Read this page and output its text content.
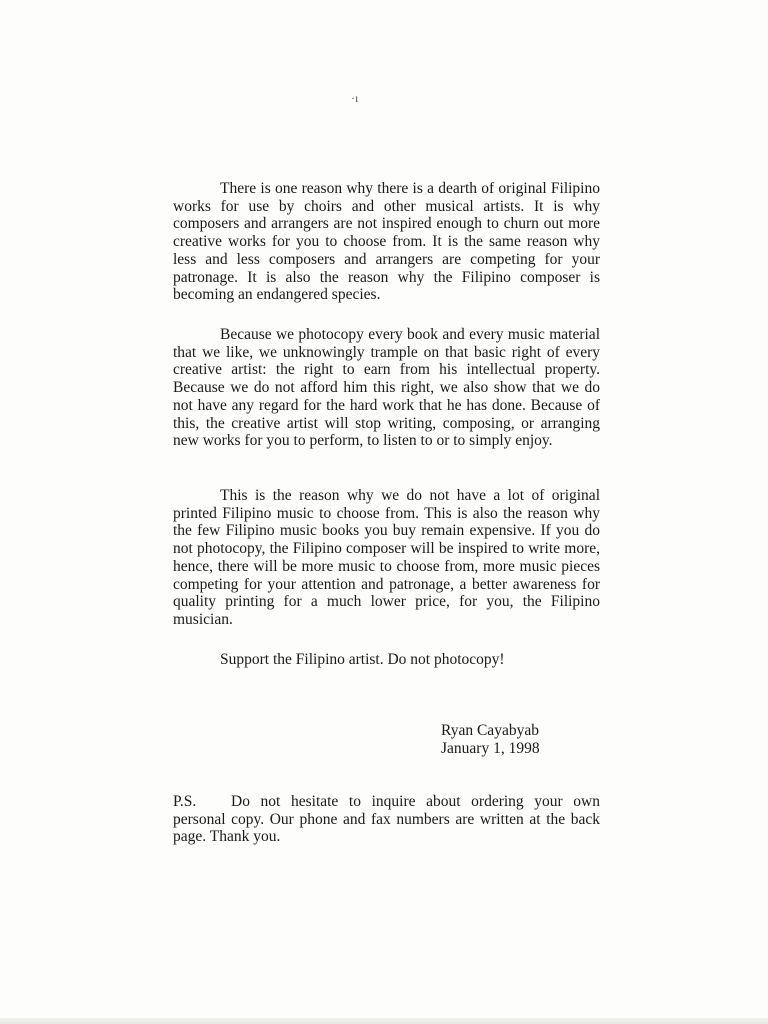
·ı

There is one reason why there is a dearth of original Filipino works for use by choirs and other musical artists. It is why composers and arrangers are not inspired enough to churn out more creative works for you to choose from. It is the same reason why less and less composers and arrangers are competing for your patronage. It is also the reason why the Filipino composer is becoming an endangered species.

Because we photocopy every book and every music material that we like, we unknowingly trample on that basic right of every creative artist: the right to earn from his intellectual property. Because we do not afford him this right, we also show that we do not have any regard for the hard work that he has done. Because of this, the creative artist will stop writing, composing, or arranging new works for you to perform, to listen to or to simply enjoy.

This is the reason why we do not have a lot of original printed Filipino music to choose from. This is also the reason why the few Filipino music books you buy remain expensive. If you do not photocopy, the Filipino composer will be inspired to write more, hence, there will be more music to choose from, more music pieces competing for your attention and patronage, a better awareness for quality printing for a much lower price, for you, the Filipino musician.

Support the Filipino artist. Do not photocopy!

Ryan Cayabyab
January 1, 1998

P.S. Do not hesitate to inquire about ordering your own personal copy. Our phone and fax numbers are written at the back page. Thank you.
